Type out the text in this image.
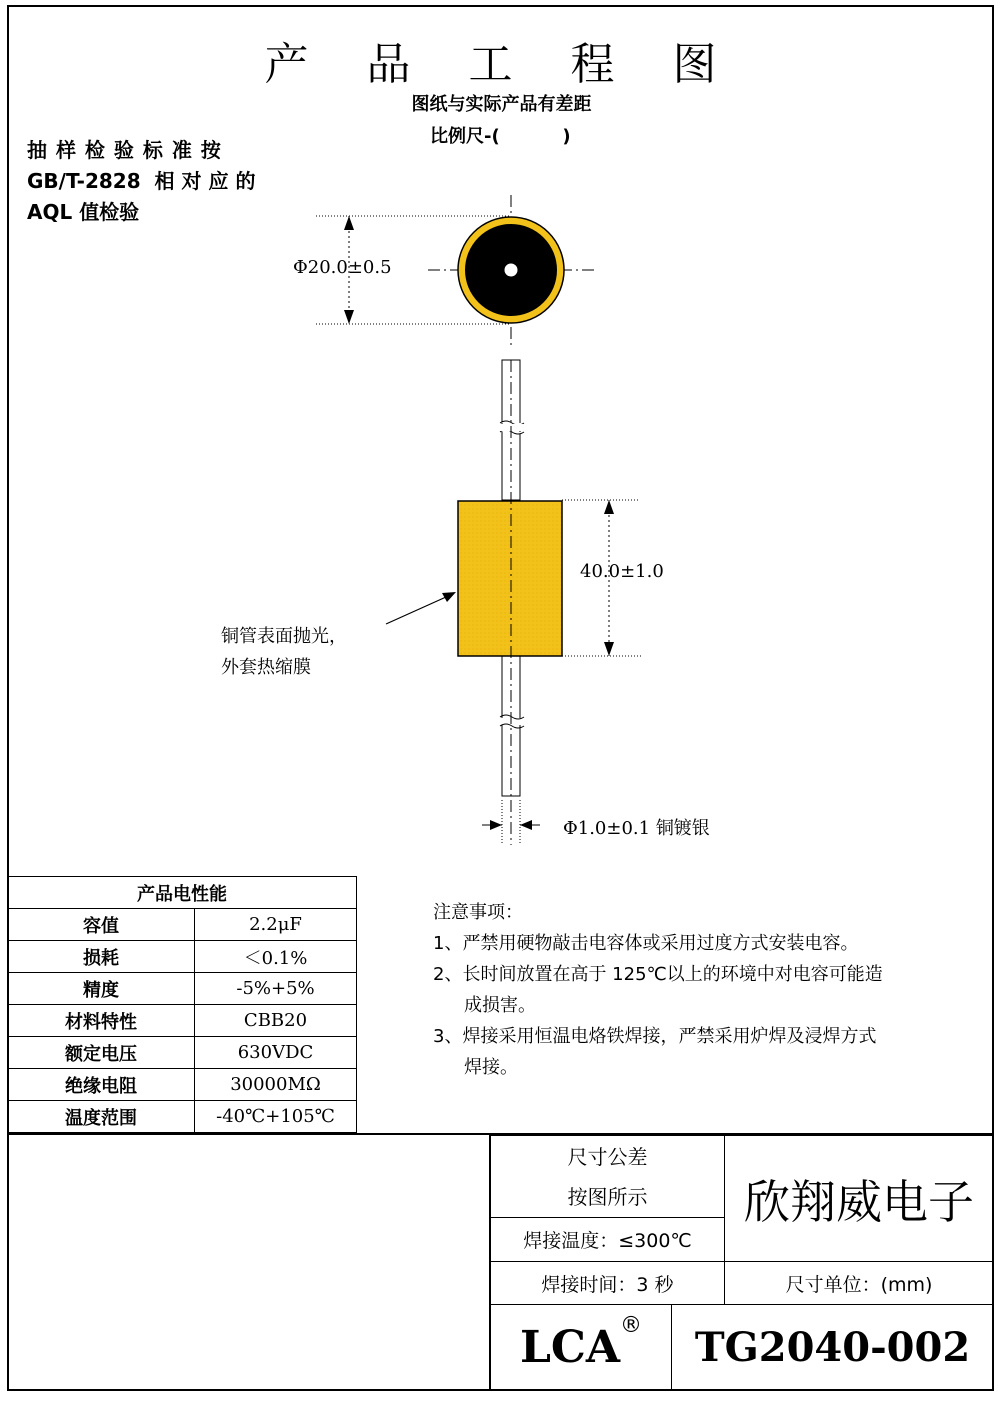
产 品 工 程 图
图纸与实际产品有差距
比例尺-(          )
抽 样 检 验 标 准 按
GB/T-2828  相 对 应 的
AQL 值检验
Φ20.0±0.5
40.0±1.0
Φ1.0±0.1 铜镀银
铜管表面抛光，
外套热缩膜
产品电性能	
容值	2.2μF
损耗	＜0.1%
精度	-5%+5%
材料特性	CBB20
额定电压	630VDC
绝缘电阻	30000MΩ
温度范围	-40℃+105℃
注意事项：
1、严禁用硬物敲击电容体或采用过度方式安装电容。
2、长时间放置在高于 125℃以上的环境中对电容可能造
成损害。
3、焊接采用恒温电烙铁焊接，严禁采用炉焊及浸焊方式
焊接。
尺寸公差
按图所示
焊接温度：≤300℃
欣翔威电子
焊接时间：3 秒	尺寸单位：(mm)
LCA ®	TG2040-002
